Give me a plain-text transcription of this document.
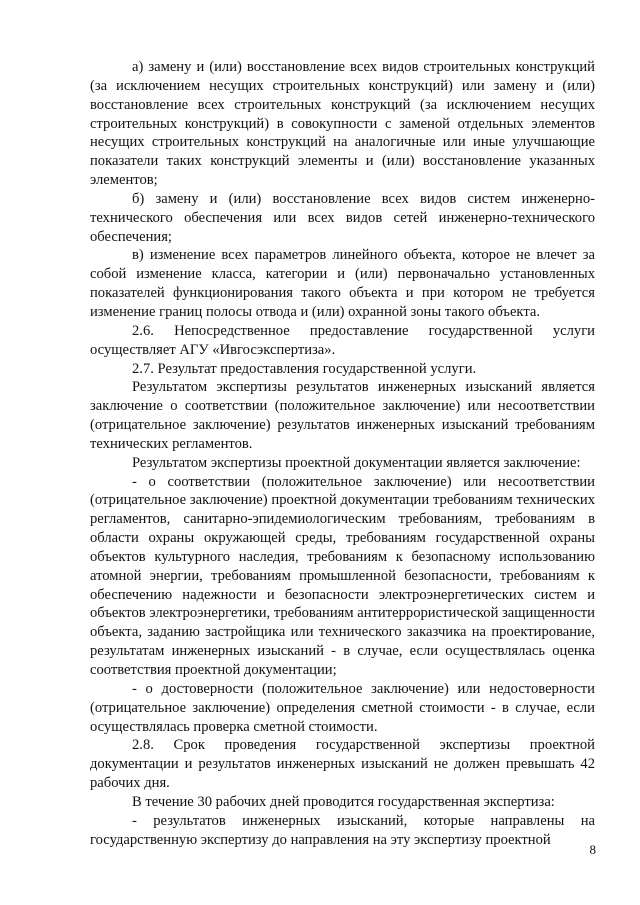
а) замену и (или) восстановление всех видов строительных конструкций (за исключением несущих строительных конструкций) или замену и (или) восстановление всех строительных конструкций (за исключением несущих строительных конструкций) в совокупности с заменой отдельных элементов несущих строительных конструкций на аналогичные или иные улучшающие показатели таких конструкций элементы и (или) восстановление указанных элементов;

б) замену и (или) восстановление всех видов систем инженерно-технического обеспечения или всех видов сетей инженерно-технического обеспечения;

в) изменение всех параметров линейного объекта, которое не влечет за собой изменение класса, категории и (или) первоначально установленных показателей функционирования такого объекта и при котором не требуется изменение границ полосы отвода и (или) охранной зоны такого объекта.

2.6. Непосредственное предоставление государственной услуги осуществляет АГУ «Ивгосэкспертиза».

2.7. Результат предоставления государственной услуги.

Результатом экспертизы результатов инженерных изысканий является заключение о соответствии (положительное заключение) или несоответствии (отрицательное заключение) результатов инженерных изысканий требованиям технических регламентов.

Результатом экспертизы проектной документации является заключение:

- о соответствии (положительное заключение) или несоответствии (отрицательное заключение) проектной документации требованиям технических регламентов, санитарно-эпидемиологическим требованиям, требованиям в области охраны окружающей среды, требованиям государственной охраны объектов культурного наследия, требованиям к безопасному использованию атомной энергии, требованиям промышленной безопасности, требованиям к обеспечению надежности и безопасности электроэнергетических систем и объектов электроэнергетики, требованиям антитеррористической защищенности объекта, заданию застройщика или технического заказчика на проектирование, результатам инженерных изысканий - в случае, если осуществлялась оценка соответствия проектной документации;

- о достоверности (положительное заключение) или недостоверности (отрицательное заключение) определения сметной стоимости - в случае, если осуществлялась проверка сметной стоимости.

2.8. Срок проведения государственной экспертизы проектной документации и результатов инженерных изысканий не должен превышать 42 рабочих дня.

В течение 30 рабочих дней проводится государственная экспертиза:

- результатов инженерных изысканий, которые направлены на государственную экспертизу до направления на эту экспертизу проектной

8
